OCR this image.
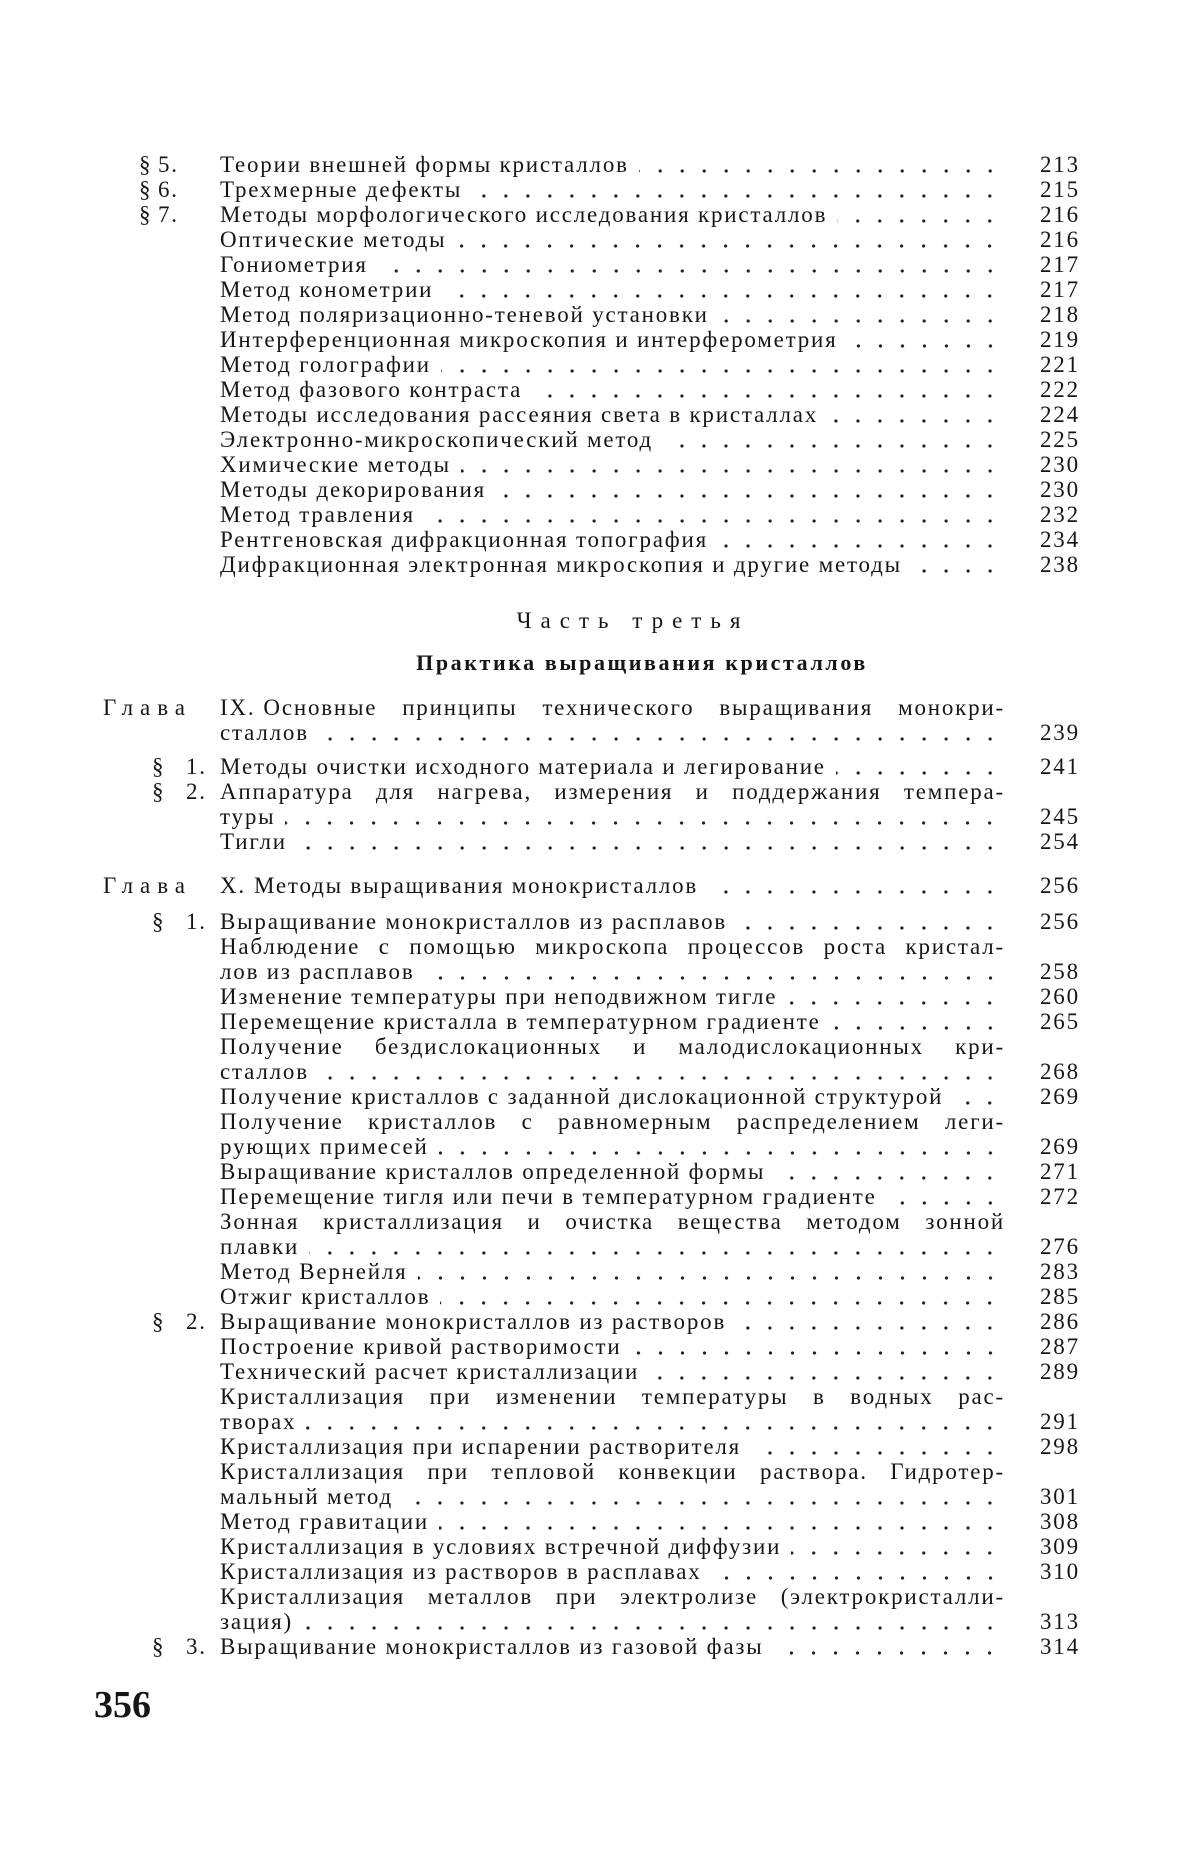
§ 5. Теории внешней формы кристаллов	213
§ 6. Трехмерные дефекты	215
§ 7. Методы морфологического исследования кристаллов	216
Оптические методы	216
Гониометрия	217
Метод конометрии	217
Метод поляризационно-теневой установки	218
Интерференционная микроскопия и интерферометрия	219
Метод голографии	221
Метод фазового контраста	222
Методы исследования рассеяния света в кристаллах	224
Электронно-микроскопический метод	225
Химические методы	230
Методы декорирования	230
Метод травления	232
Рентгеновская дифракционная топография	234
Дифракционная электронная микроскопия и другие методы	238
Часть третья
Практика выращивания кристаллов
Глава IX. Основные принципы технического выращивания монокри-
сталлов	239
§ 1. Методы очистки исходного материала и легирование	241
§ 2. Аппаратура для нагрева, измерения и поддержания темпера-
туры	245
Тигли	254
Глава X. Методы выращивания монокристаллов	256
§ 1. Выращивание монокристаллов из расплавов	256
Наблюдение с помощью микроскопа процессов роста кристал-
лов из расплавов	258
Изменение температуры при неподвижном тигле	260
Перемещение кристалла в температурном градиенте	265
Получение бездислокационных и малодислокационных кри-
сталлов	268
Получение кристаллов с заданной дислокационной структурой	269
Получение кристаллов с равномерным распределением леги-
рующих примесей	269
Выращивание кристаллов определенной формы	271
Перемещение тигля или печи в температурном градиенте	272
Зонная кристаллизация и очистка вещества методом зонной
плавки	276
Метод Вернейля	283
Отжиг кристаллов	285
§ 2. Выращивание монокристаллов из растворов	286
Построение кривой растворимости	287
Технический расчет кристаллизации	289
Кристаллизация при изменении температуры в водных рас-
творах	291
Кристаллизация при испарении растворителя	298
Кристаллизация при тепловой конвекции раствора. Гидротер-
мальный метод	301
Метод гравитации	308
Кристаллизация в условиях встречной диффузии	309
Кристаллизация из растворов в расплавах	310
Кристаллизация металлов при электролизе (электрокристалли-
зация)	313
§ 3. Выращивание монокристаллов из газовой фазы	314
356
